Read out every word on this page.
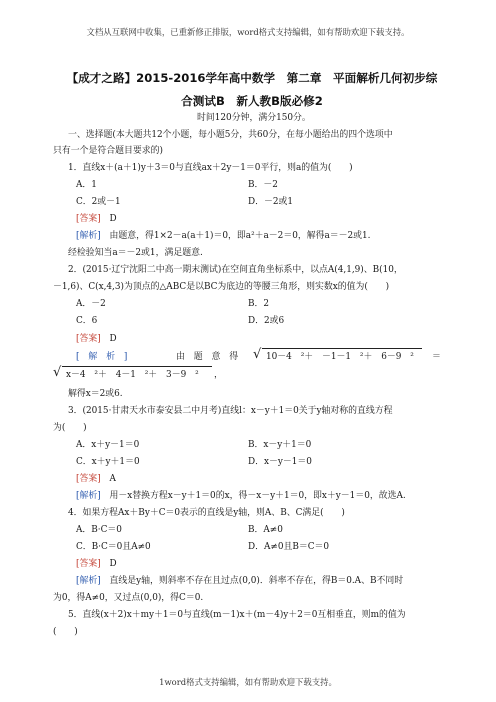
文档从互联网中收集，已重新修正排版，word格式支持编辑，如有帮助欢迎下载支持。
【成才之路】2015-2016学年高中数学　第二章　平面解析几何初步综
合测试B　新人教B版必修2
时间120分钟，满分150分。
一、选择题(本大题共12个小题，每小题5分，共60分，在每小题给出的四个选项中
只有一个是符合题目要求的)
1．直线x＋(a＋1)y＋3＝0与直线ax＋2y－1＝0平行，则a的值为(　　)
A．1	B．－2
C．2或－1	D．－2或1
[答案] D
[解析] 由题意，得1×2－a(a＋1)＝0，即a²＋a－2＝0，解得a＝－2或1.
经检验知当a＝－2或1，满足题意.
2．(2015·辽宁沈阳二中高一期末测试)在空间直角坐标系中，以点A(4,1,9)、B(10，
－1,6)、C(x,4,3)为顶点的△ABC是以BC为底边的等腰三角形，则实数x的值为(　　)
A．－2	B．2
C．6	D．2或6
[答案] D
[　解　析　]	由　题　意　得 √ 10－4　²＋　－1－1　²＋　6－9　² ＝
√ x－4　²＋　4－1　²＋　3－9　² ，
解得x＝2或6.
3．(2015·甘肃天水市泰安县二中月考)直线l：x－y＋1＝0关于y轴对称的直线方程
为(　　)
A．x＋y－1＝0	B．x－y＋1＝0
C．x＋y＋1＝0	D．x－y－1＝0
[答案] A
[解析] 用－x替换方程x－y＋1＝0的x，得－x－y＋1＝0，即x＋y－1＝0，故选A.
4．如果方程Ax＋By＋C＝0表示的直线是y轴，则A、B、C满足(　　)
A．B·C＝0	B．A≠0
C．B·C＝0且A≠0	D．A≠0且B＝C＝0
[答案] D
[解析] 直线是y轴，则斜率不存在且过点(0,0)．斜率不存在，得B＝0.A、B不同时
为0，得A≠0，又过点(0,0)，得C＝0.
5．直线(x＋2)x＋my＋1＝0与直线(m－1)x＋(m－4)y＋2＝0互相垂直，则m的值为
(　　)
1word格式支持编辑，如有帮助欢迎下载支持。
